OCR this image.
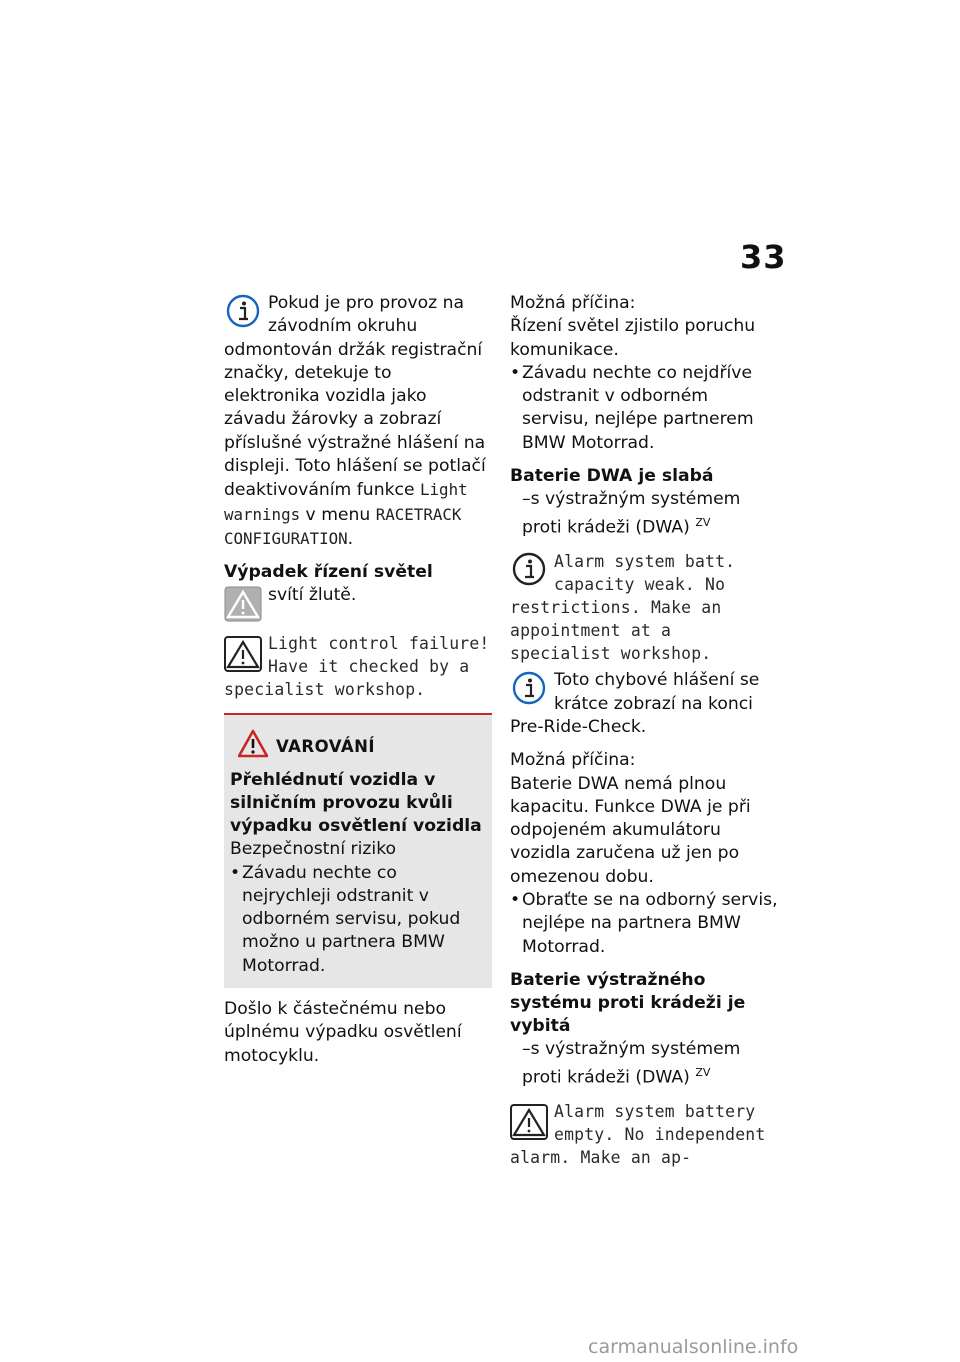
33

Pokud je pro provoz na závodním okruhu odmontován držák registrační značky, detekuje to elektronika vozidla jako závadu žárovky a zobrazí příslušné výstražné hlášení na displeji. Toto hlášení se potlačí deaktivováním funkce Light warnings v menu RACETRACK CONFIGURATION.

Výpadek řízení světel

svítí žlutě.

Light control failure! Have it checked by a specialist workshop.

VAROVÁNÍ

Přehlédnutí vozidla v silničním provozu kvůli výpadku osvětlení vozidla

Bezpečnostní riziko

• Závadu nechte co nejrychleji odstranit v odborném servisu, pokud možno u partnera BMW Motorrad.

Došlo k částečnému nebo úplnému výpadku osvětlení motocyklu.

Možná příčina:

Řízení světel zjistilo poruchu komunikace.

• Závadu nechte co nejdříve odstranit v odborném servisu, nejlépe partnerem BMW Motorrad.

Baterie DWA je slabá

–s výstražným systémem proti krádeži (DWA) $^{ZV}$

Alarm system batt. capacity weak. No restrictions. Make an appointment at a specialist workshop.

Toto chybové hlášení se krátce zobrazí na konci Pre-Ride-Check.

Možná příčina:

Baterie DWA nemá plnou kapacitu. Funkce DWA je při odpojeném akumulátoru vozidla zaručena už jen po omezenou dobu.

• Obraťte se na odborný servis, nejlépe na partnera BMW Motorrad.

Baterie výstražného systému proti krádeži je vybitá

–s výstražným systémem proti krádeži (DWA) $^{ZV}$

Alarm system battery empty. No independent alarm. Make an ap-

carmanualsonline.info
